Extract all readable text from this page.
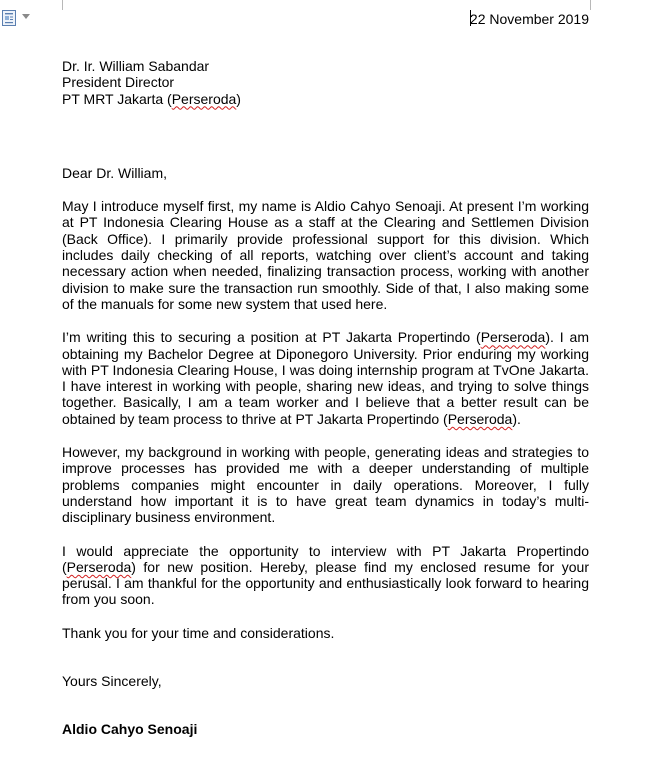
22 November 2019
Dr. Ir. William Sabandar
President Director
PT MRT Jakarta (Perseroda)
Dear Dr. William,
May I introduce myself first, my name is Aldio Cahyo Senoaji. At present I’m working at PT Indonesia Clearing House as a staff at the Clearing and Settlemen Division (Back Office). I primarily provide professional support for this division. Which includes daily checking of all reports, watching over client’s account and taking necessary action when needed, finalizing transaction process, working with another division to make sure the transaction run smoothly. Side of that, I also making some of the manuals for some new system that used here.
I’m writing this to securing a position at PT Jakarta Propertindo (Perseroda). I am obtaining my Bachelor Degree at Diponegoro University. Prior enduring my working with PT Indonesia Clearing House, I was doing internship program at TvOne Jakarta. I have interest in working with people, sharing new ideas, and trying to solve things together. Basically, I am a team worker and I believe that a better result can be obtained by team process to thrive at PT Jakarta Propertindo (Perseroda).
However, my background in working with people, generating ideas and strategies to improve processes has provided me with a deeper understanding of multiple problems companies might encounter in daily operations. Moreover, I fully understand how important it is to have great team dynamics in today’s multi-disciplinary business environment.
I would appreciate the opportunity to interview with PT Jakarta Propertindo (Perseroda) for new position. Hereby, please find my enclosed resume for your perusal. I am thankful for the opportunity and enthusiastically look forward to hearing from you soon.
Thank you for your time and considerations.
Yours Sincerely,
Aldio Cahyo Senoaji
